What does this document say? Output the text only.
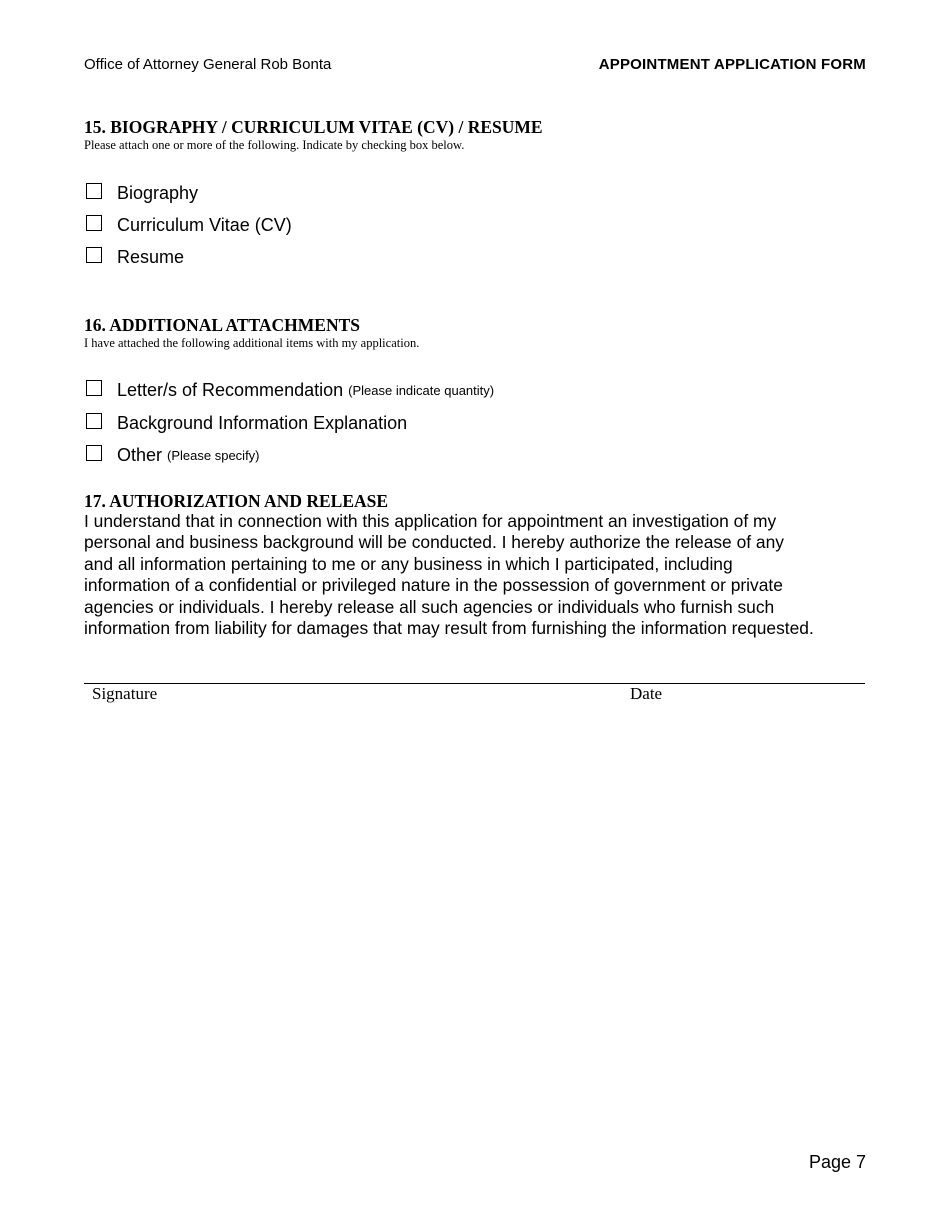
Office of Attorney General Rob Bonta	APPOINTMENT APPLICATION FORM
15. BIOGRAPHY / CURRICULUM VITAE (CV) / RESUME
Please attach one or more of the following. Indicate by checking box below.
Biography
Curriculum Vitae (CV)
Resume
16. ADDITIONAL ATTACHMENTS
I have attached the following additional items with my application.
Letter/s of Recommendation (Please indicate quantity)
Background Information Explanation
Other (Please specify)
17. AUTHORIZATION AND RELEASE
I understand that in connection with this application for appointment an investigation of my
personal and business background will be conducted. I hereby authorize the release of any
and all information pertaining to me or any business in which I participated, including
information of a confidential or privileged nature in the possession of government or private
agencies or individuals. I hereby release all such agencies or individuals who furnish such
information from liability for damages that may result from furnishing the information requested.
Signature	Date
Page 7
